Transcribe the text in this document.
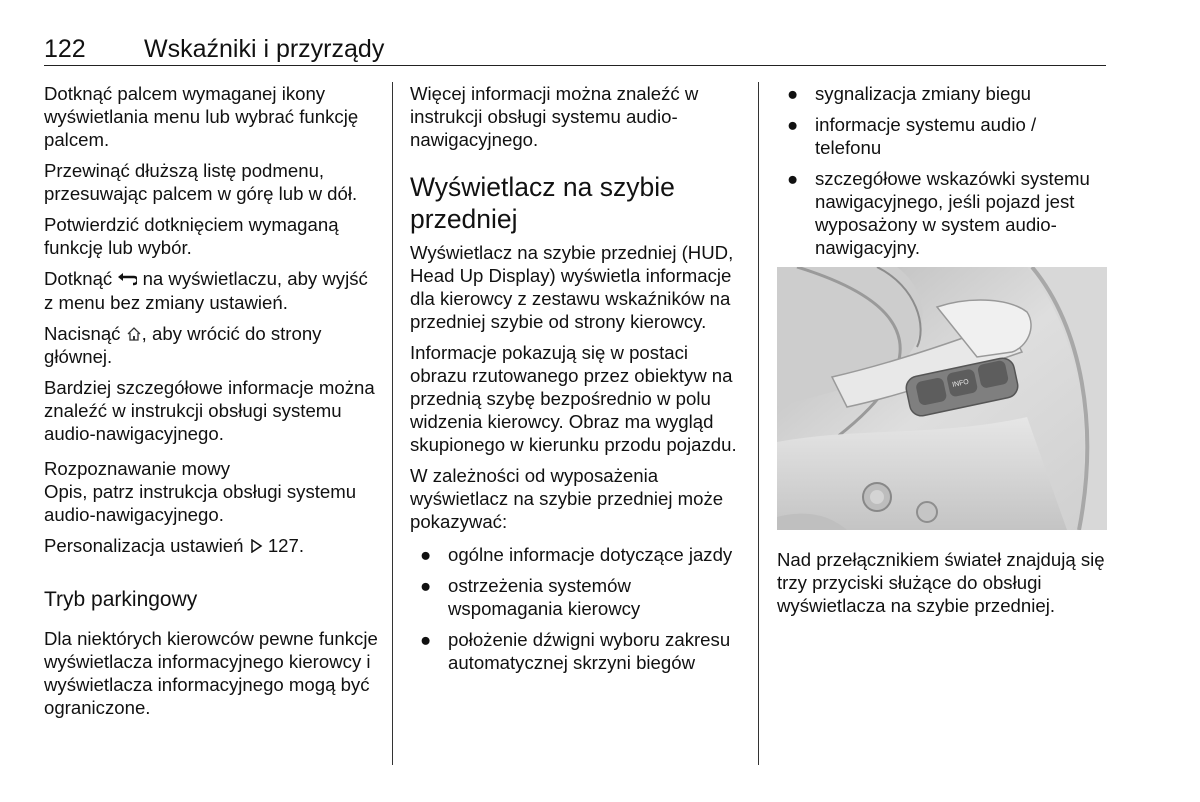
122 Wskaźniki i przyrządy

Dotknąć palcem wymaganej ikony wyświetlania menu lub wybrać funkcję palcem.

Przewinąć dłuższą listę podmenu, przesuwając palcem w górę lub w dół.

Potwierdzić dotknięciem wymaganą funkcję lub wybór.

Dotknąć na wyświetlaczu, aby wyjść z menu bez zmiany ustawień.

Nacisnąć , aby wrócić do strony głównej.

Bardziej szczegółowe informacje można znaleźć w instrukcji obsługi systemu audio-nawigacyjnego.

Rozpoznawanie mowy

Opis, patrz instrukcja obsługi systemu audio-nawigacyjnego.

Personalizacja ustawień 127.

Tryb parkingowy

Dla niektórych kierowców pewne funkcje wyświetlacza informacyjnego kierowcy i wyświetlacza informacyjnego mogą być ograniczone.

Więcej informacji można znaleźć w instrukcji obsługi systemu audio-nawigacyjnego.

Wyświetlacz na szybie przedniej

Wyświetlacz na szybie przedniej (HUD, Head Up Display) wyświetla informacje dla kierowcy z zestawu wskaźników na przedniej szybie od strony kierowcy.

Informacje pokazują się w postaci obrazu rzutowanego przez obiektyw na przednią szybę bezpośrednio w polu widzenia kierowcy. Obraz ma wygląd skupionego w kierunku przodu pojazdu.

W zależności od wyposażenia wyświetlacz na szybie przedniej może pokazywać:

● ogólne informacje dotyczące jazdy
● ostrzeżenia systemów wspomagania kierowcy
● położenie dźwigni wyboru zakresu automatycznej skrzyni biegów
● sygnalizacja zmiany biegu
● informacje systemu audio / telefonu
● szczegółowe wskazówki systemu nawigacyjnego, jeśli pojazd jest wyposażony w system audio-nawigacyjny.
INFO

Nad przełącznikiem świateł znajdują się trzy przyciski służące do obsługi wyświetlacza na szybie przedniej.
